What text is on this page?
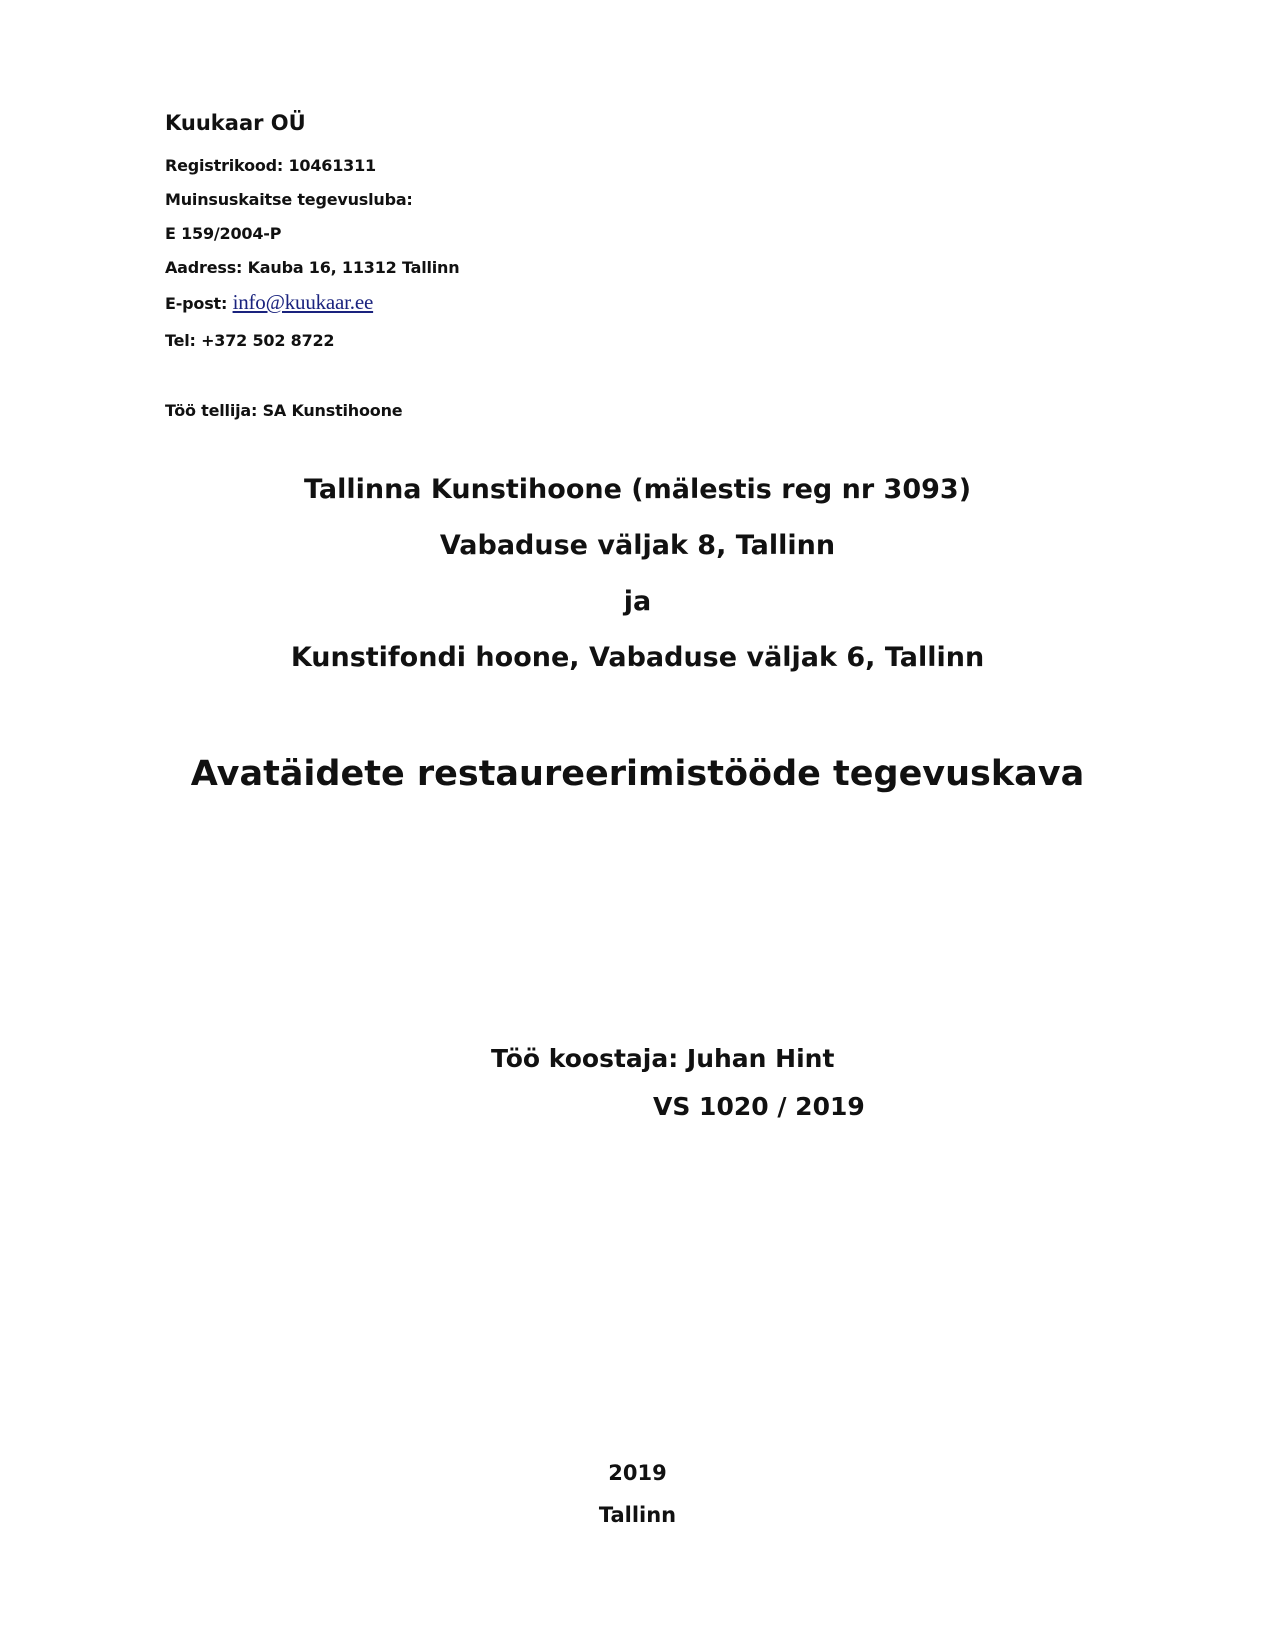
Kuukaar OÜ
Registrikood: 10461311
Muinsuskaitse tegevusluba:
E 159/2004-P
Aadress: Kauba 16, 11312 Tallinn
E-post: info@kuukaar.ee
Tel: +372 502 8722
Töö tellija: SA Kunstihoone
Tallinna Kunstihoone (mälestis reg nr 3093)
Vabaduse väljak 8, Tallinn
ja
Kunstifondi hoone, Vabaduse väljak 6, Tallinn
Avatäidete restaureerimistööde tegevuskava
Töö koostaja: Juhan Hint
VS 1020 / 2019
2019
Tallinn
